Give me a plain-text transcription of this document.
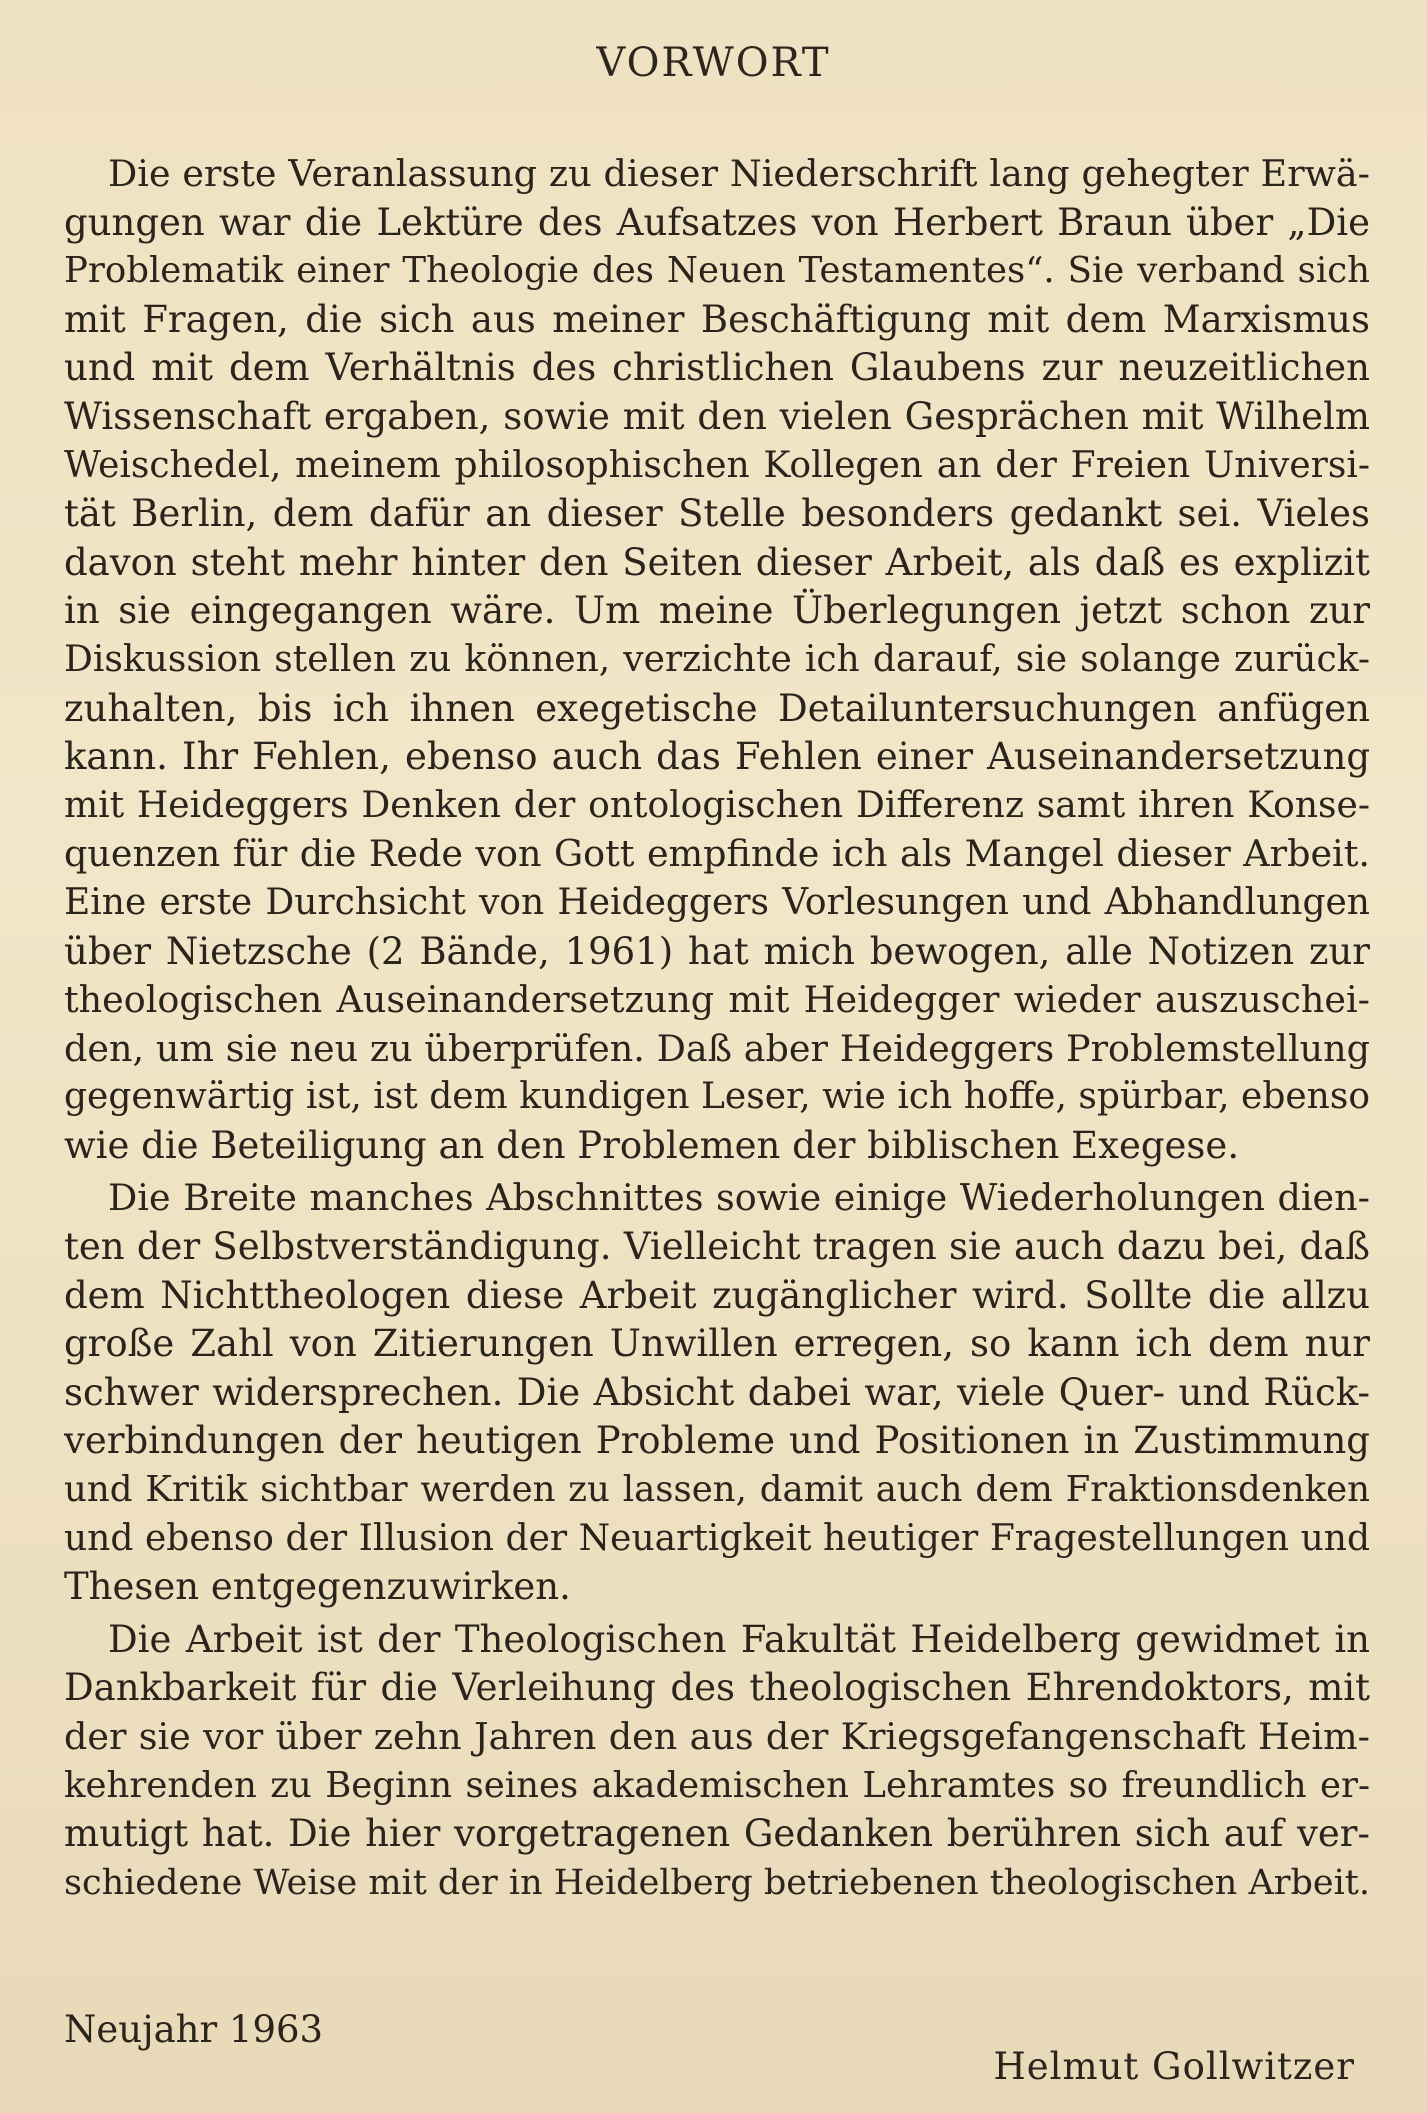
VORWORT
Die erste Veranlassung zu dieser Niederschrift lang gehegter Erwä-
gungen war die Lektüre des Aufsatzes von Herbert Braun über „Die
Problematik einer Theologie des Neuen Testamentes“. Sie verband sich
mit Fragen, die sich aus meiner Beschäftigung mit dem Marxismus
und mit dem Verhältnis des christlichen Glaubens zur neuzeitlichen
Wissenschaft ergaben, sowie mit den vielen Gesprächen mit Wilhelm
Weischedel, meinem philosophischen Kollegen an der Freien Universi-
tät Berlin, dem dafür an dieser Stelle besonders gedankt sei. Vieles
davon steht mehr hinter den Seiten dieser Arbeit, als daß es explizit
in sie eingegangen wäre. Um meine Überlegungen jetzt schon zur
Diskussion stellen zu können, verzichte ich darauf, sie solange zurück-
zuhalten, bis ich ihnen exegetische Detailuntersuchungen anfügen
kann. Ihr Fehlen, ebenso auch das Fehlen einer Auseinandersetzung
mit Heideggers Denken der ontologischen Differenz samt ihren Konse-
quenzen für die Rede von Gott empfinde ich als Mangel dieser Arbeit.
Eine erste Durchsicht von Heideggers Vorlesungen und Abhandlungen
über Nietzsche (2 Bände, 1961) hat mich bewogen, alle Notizen zur
theologischen Auseinandersetzung mit Heidegger wieder auszuschei-
den, um sie neu zu überprüfen. Daß aber Heideggers Problemstellung
gegenwärtig ist, ist dem kundigen Leser, wie ich hoffe, spürbar, ebenso
wie die Beteiligung an den Problemen der biblischen Exegese.
Die Breite manches Abschnittes sowie einige Wiederholungen dien-
ten der Selbstverständigung. Vielleicht tragen sie auch dazu bei, daß
dem Nichttheologen diese Arbeit zugänglicher wird. Sollte die allzu
große Zahl von Zitierungen Unwillen erregen, so kann ich dem nur
schwer widersprechen. Die Absicht dabei war, viele Quer- und Rück-
verbindungen der heutigen Probleme und Positionen in Zustimmung
und Kritik sichtbar werden zu lassen, damit auch dem Fraktionsdenken
und ebenso der Illusion der Neuartigkeit heutiger Fragestellungen und
Thesen entgegenzuwirken.
Die Arbeit ist der Theologischen Fakultät Heidelberg gewidmet in
Dankbarkeit für die Verleihung des theologischen Ehrendoktors, mit
der sie vor über zehn Jahren den aus der Kriegsgefangenschaft Heim-
kehrenden zu Beginn seines akademischen Lehramtes so freundlich er-
mutigt hat. Die hier vorgetragenen Gedanken berühren sich auf ver-
schiedene Weise mit der in Heidelberg betriebenen theologischen Arbeit.
Neujahr 1963
Helmut Gollwitzer
